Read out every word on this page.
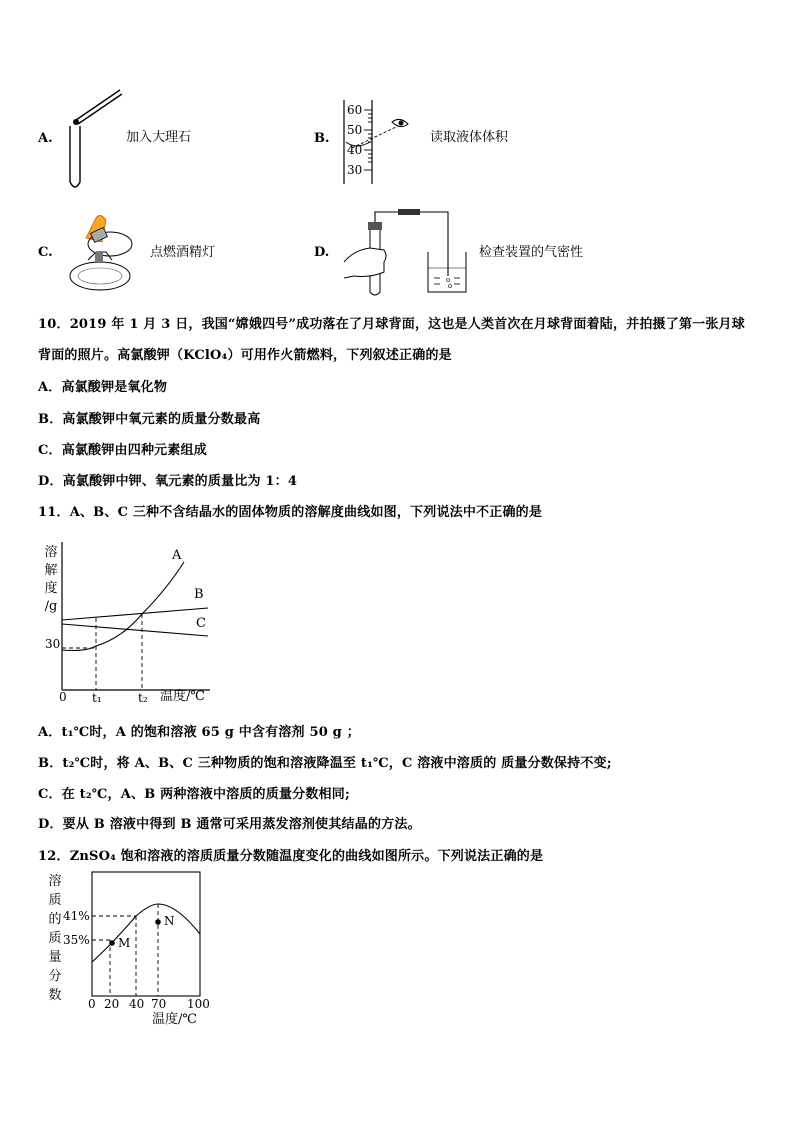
A.	加入大理石	B.
60
50
40
30
读取液体体积
C.	点燃酒精灯	D.	检查装置的气密性
10．2019 年 1 月 3 日，我国“嫦娥四号”成功落在了月球背面，这也是人类首次在月球背面着陆，并拍摄了第一张月球
背面的照片。高氯酸钾（KClO₄）可用作火箭燃料，下列叙述正确的是
A．高氯酸钾是氧化物
B．高氯酸钾中氧元素的质量分数最高
C．高氯酸钾由四种元素组成
D．高氯酸钾中钾、氧元素的质量比为 1：4
11．A、B、C 三种不含结晶水的固体物质的溶解度曲线如图，下列说法中不正确的是
溶
解
度
/g
30
0 t₁	t₂ 温度/℃
A
B
C
A．t₁℃时，A 的饱和溶液 65 g 中含有溶剂 50 g ；
B．t₂℃时，将 A、B、C 三种物质的饱和溶液降温至 t₁℃，C 溶液中溶质的 质量分数保持不变;
C．在 t₂℃，A、B 两种溶液中溶质的质量分数相同;
D．要从 B 溶液中得到 B 通常可采用蒸发溶剂使其结晶的方法。
12．ZnSO₄ 饱和溶液的溶质质量分数随温度变化的曲线如图所示。下列说法正确的是
溶
质
的
质
量
分
数
41%
35% M
N
0 20 40 70 100
温度/℃
